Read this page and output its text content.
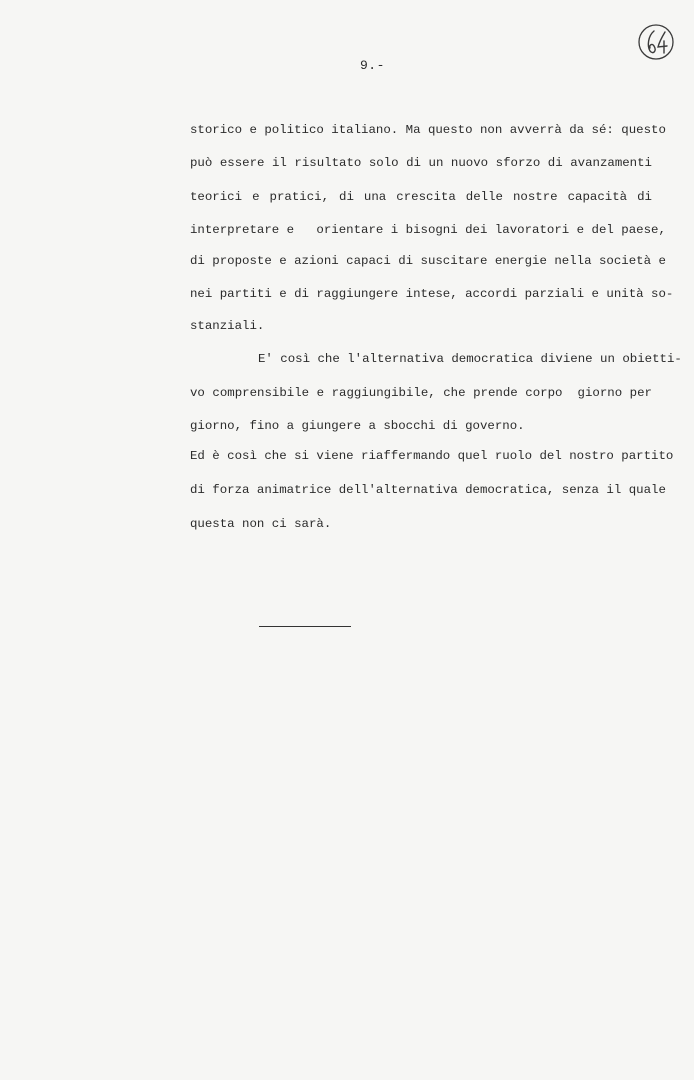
9.-
storico e politico italiano. Ma questo non avverrà da sé: questo
può essere il risultato solo di un nuovo sforzo di avanzamenti
teorici e pratici, di una crescita delle nostre capacità di
interpretare e   orientare i bisogni dei lavoratori e del paese,
di proposte e azioni capaci di suscitare energie nella società e
nei partiti e di raggiungere intese, accordi parziali e unità so-
stanziali.
E' così che l'alternativa democratica diviene un obietti-
vo comprensibile e raggiungibile, che prende corpo  giorno per
giorno, fino a giungere a sbocchi di governo.
Ed è così che si viene riaffermando quel ruolo del nostro partito
di forza animatrice dell'alternativa democratica, senza il quale
questa non ci sarà.
